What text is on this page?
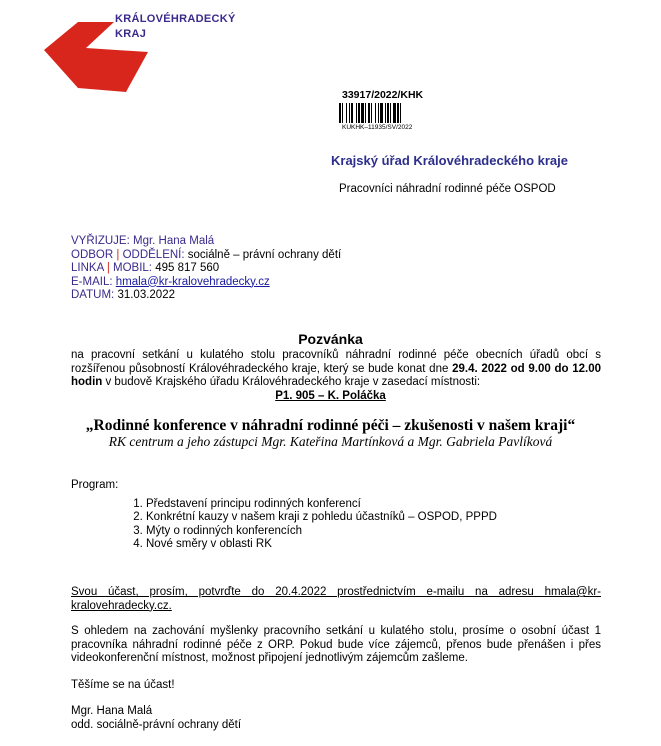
KRÁLOVÉHRADECKÝ
KRAJ
33917/2022/KHK
KUKHK–11935/SV/2022
Krajský úřad Královéhradeckého kraje
Pracovníci náhradní rodinné péče OSPOD
VYŘIZUJE: Mgr. Hana Malá
ODBOR | ODDĚLENÍ: sociálně – právní ochrany dětí
LINKA | MOBIL: 495 817 560
E-MAIL: hmala@kr-kralovehradecky.cz
DATUM: 31.03.2022
Pozvánka
na pracovní setkání u kulatého stolu pracovníků náhradní rodinné péče obecních úřadů obcí s rozšířenou působností Královéhradeckého kraje, který se bude konat dne 29.4. 2022 od 9.00 do 12.00 hodin v budově Krajského úřadu Královéhradeckého kraje v zasedací místnosti:
P1. 905 – K. Poláčka
„Rodinné konference v náhradní rodinné péči – zkušenosti v našem kraji“
RK centrum a jeho zástupci Mgr. Kateřina Martínková a Mgr. Gabriela Pavlíková
Program:
1. Představení principu rodinných konferencí
2. Konkrétní kauzy v našem kraji z pohledu účastníků – OSPOD, PPPD
3. Mýty o rodinných konferencích
4. Nové směry v oblasti RK
Svou účast, prosím, potvrďte do 20.4.2022 prostřednictvím e-mailu na adresu hmala@kr-kralovehradecky.cz.
S ohledem na zachování myšlenky pracovního setkání u kulatého stolu, prosíme o osobní účast 1 pracovníka náhradní rodinné péče z ORP. Pokud bude více zájemců, přenos bude přenášen i přes videokonferenční místnost, možnost připojení jednotlivým zájemcům zašleme.
Těšíme se na účast!
Mgr. Hana Malá
odd. sociálně-právní ochrany dětí
